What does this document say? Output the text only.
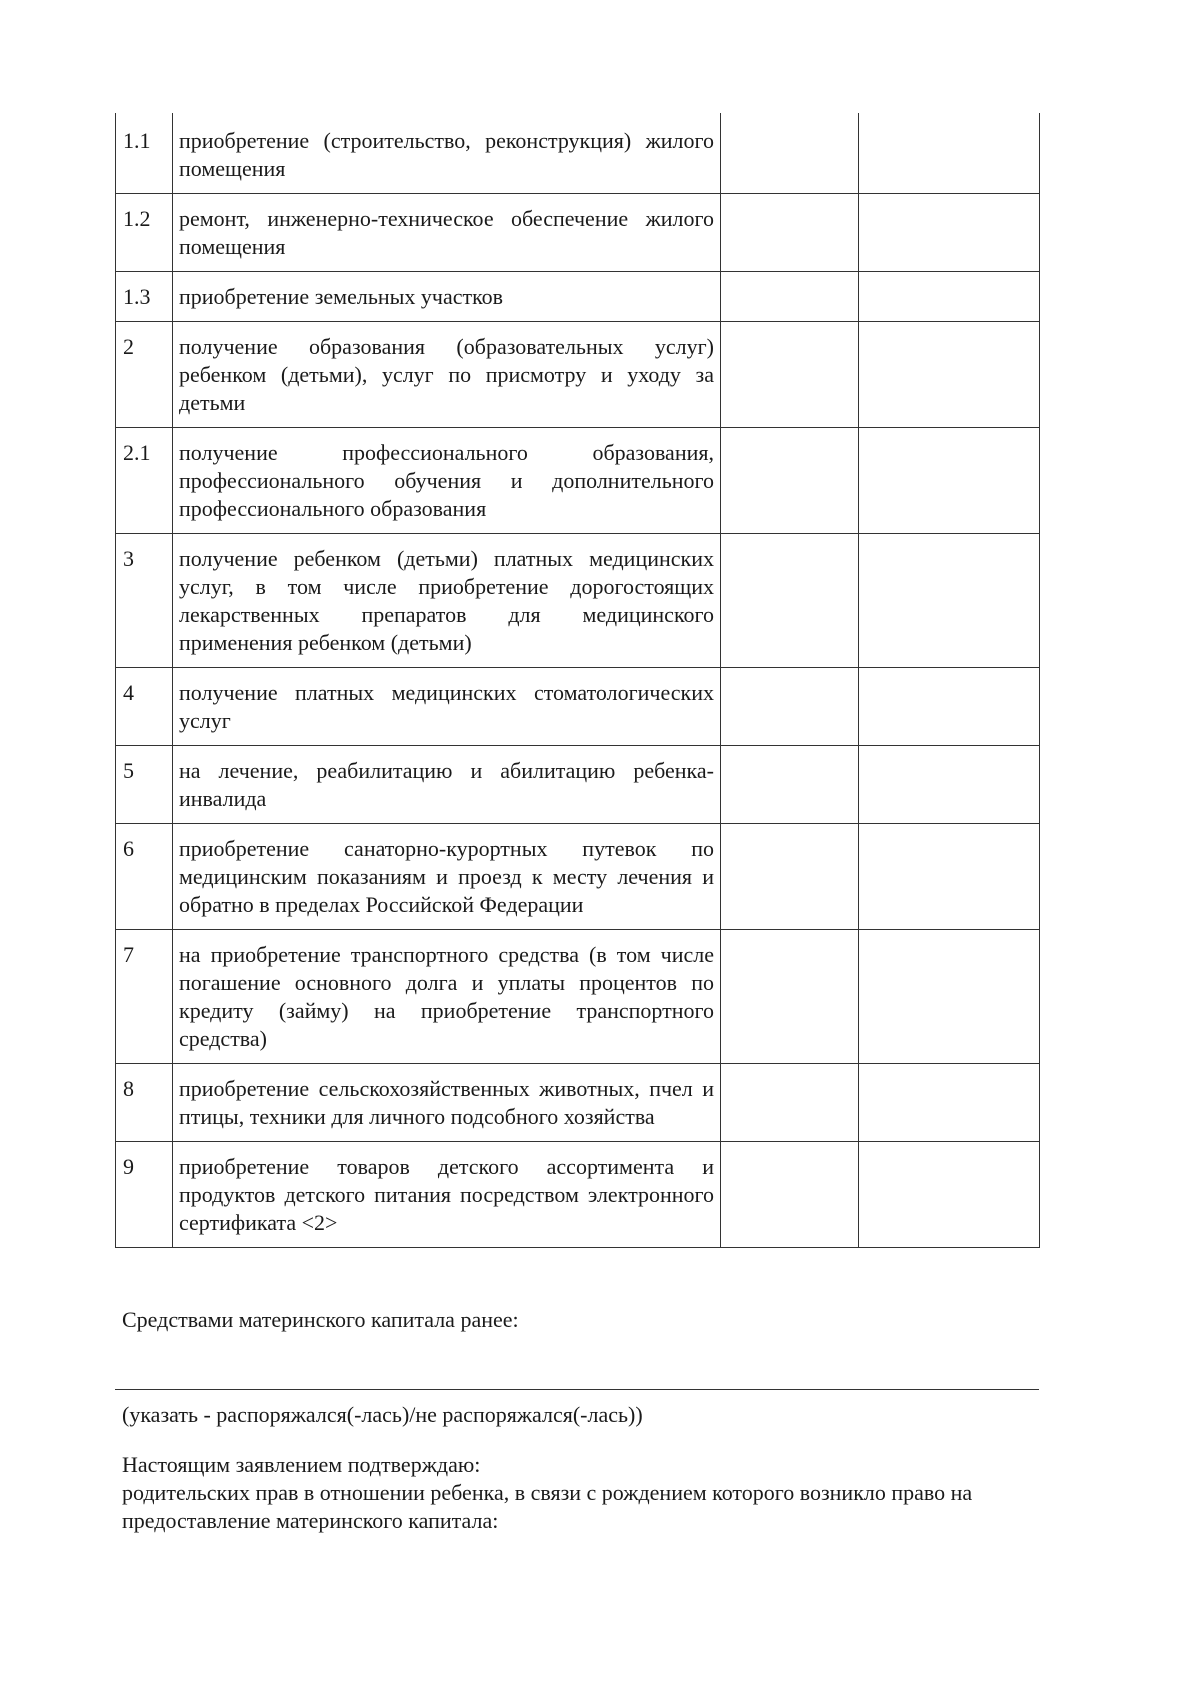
1.1	приобретение (строительство, реконструкция) жилого помещения		
1.2	ремонт, инженерно-техническое обеспечение жилого помещения		
1.3	приобретение земельных участков		
2	получение образования (образовательных услуг) ребенком (детьми), услуг по присмотру и уходу за детьми		
2.1	получение профессионального образования, профессионального обучения и дополнительного профессионального образования		
3	получение ребенком (детьми) платных медицинских услуг, в том числе приобретение дорогостоящих лекарственных препаратов для медицинского применения ребенком (детьми)		
4	получение платных медицинских стоматологических услуг		
5	на лечение, реабилитацию и абилитацию ребенка-инвалида		
6	приобретение санаторно-курортных путевок по медицинским показаниям и проезд к месту лечения и обратно в пределах Российской Федерации		
7	на приобретение транспортного средства (в том числе погашение основного долга и уплаты процентов по кредиту (займу) на приобретение транспортного средства)		
8	приобретение сельскохозяйственных животных, пчел и птицы, техники для личного подсобного хозяйства		
9	приобретение товаров детского ассортимента и продуктов детского питания посредством электронного сертификата <2>		
Средствами материнского капитала ранее:
(указать - распоряжался(-лась)/не распоряжался(-лась))
Настоящим заявлением подтверждаю:
родительских прав в отношении ребенка, в связи с рождением которого возникло право на предоставление материнского капитала:
